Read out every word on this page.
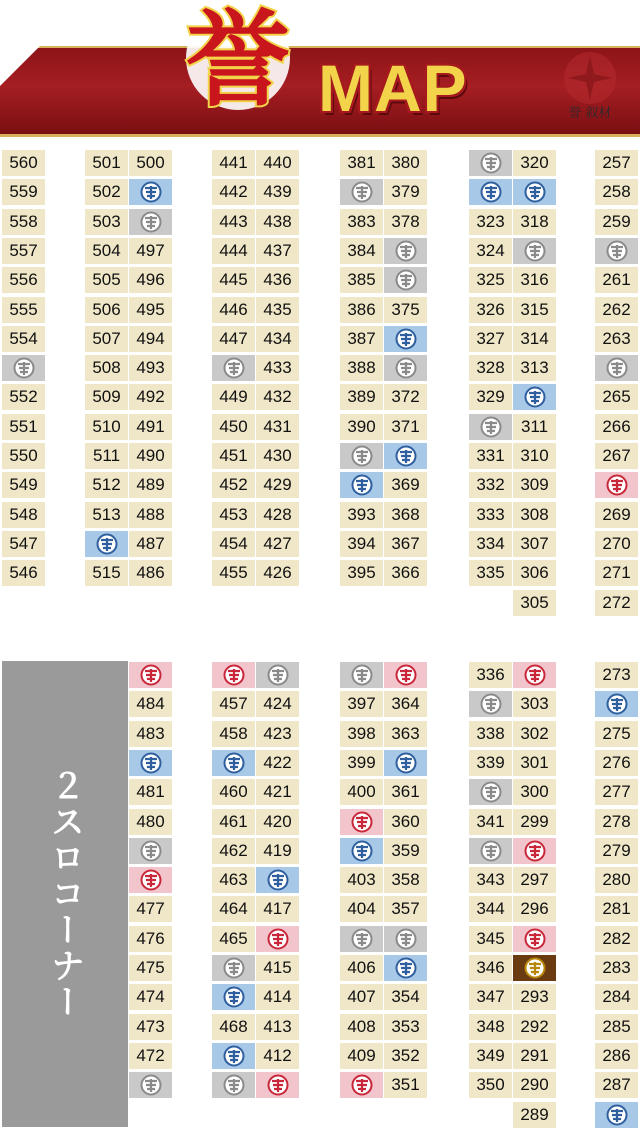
誉 MAP	誉 叙材
２スロコーナー
560
559
558
557
556
555
554
552
551
550
549
548
547
546
501
502
503
504
505
506
507
508
509
510
511
512
513
515
500
497
496
495
494
493
492
491
490
489
488
487
486
441
442
443
444
445
446
447
449
450
451
452
453
454
455
440
439
438
437
436
435
434
433
432
431
430
429
428
427
426
381
383
384
385
386
387
388
389
390
393
394
395
380
379
378
375
372
371
369
368
367
366
323
324
325
326
327
328
329
331
332
333
334
335
320
318
316
315
314
313
311
310
309
308
307
306
305
257
258
259
261
262
263
265
266
267
269
270
271
272
484
483
481
480
477
476
475
474
473
472
457
458
460
461
462
463
464
465
468
424
423
422
421
420
419
417
415
414
413
412
397
398
399
400
403
404
406
407
408
409
364
363
361
360
359
358
357
354
353
352
351
336
338
339
341
343
344
345
346
347
348
349
350
303
302
301
300
299
297
296
293
292
291
290
289
273
275
276
277
278
279
280
281
282
283
284
285
286
287
